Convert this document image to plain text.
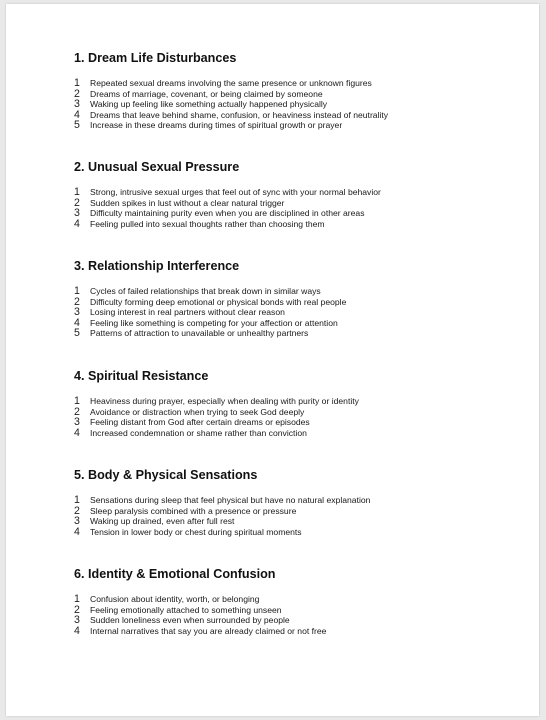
1. Dream Life Disturbances
1	Repeated sexual dreams involving the same presence or unknown figures
2	Dreams of marriage, covenant, or being claimed by someone
3	Waking up feeling like something actually happened physically
4	Dreams that leave behind shame, confusion, or heaviness instead of neutrality
5	Increase in these dreams during times of spiritual growth or prayer
2. Unusual Sexual Pressure
1	Strong, intrusive sexual urges that feel out of sync with your normal behavior
2	Sudden spikes in lust without a clear natural trigger
3	Difficulty maintaining purity even when you are disciplined in other areas
4	Feeling pulled into sexual thoughts rather than choosing them
3. Relationship Interference
1	Cycles of failed relationships that break down in similar ways
2	Difficulty forming deep emotional or physical bonds with real people
3	Losing interest in real partners without clear reason
4	Feeling like something is competing for your affection or attention
5	Patterns of attraction to unavailable or unhealthy partners
4. Spiritual Resistance
1	Heaviness during prayer, especially when dealing with purity or identity
2	Avoidance or distraction when trying to seek God deeply
3	Feeling distant from God after certain dreams or episodes
4	Increased condemnation or shame rather than conviction
5. Body & Physical Sensations
1	Sensations during sleep that feel physical but have no natural explanation
2	Sleep paralysis combined with a presence or pressure
3	Waking up drained, even after full rest
4	Tension in lower body or chest during spiritual moments
6. Identity & Emotional Confusion
1	Confusion about identity, worth, or belonging
2	Feeling emotionally attached to something unseen
3	Sudden loneliness even when surrounded by people
4	Internal narratives that say you are already claimed or not free
